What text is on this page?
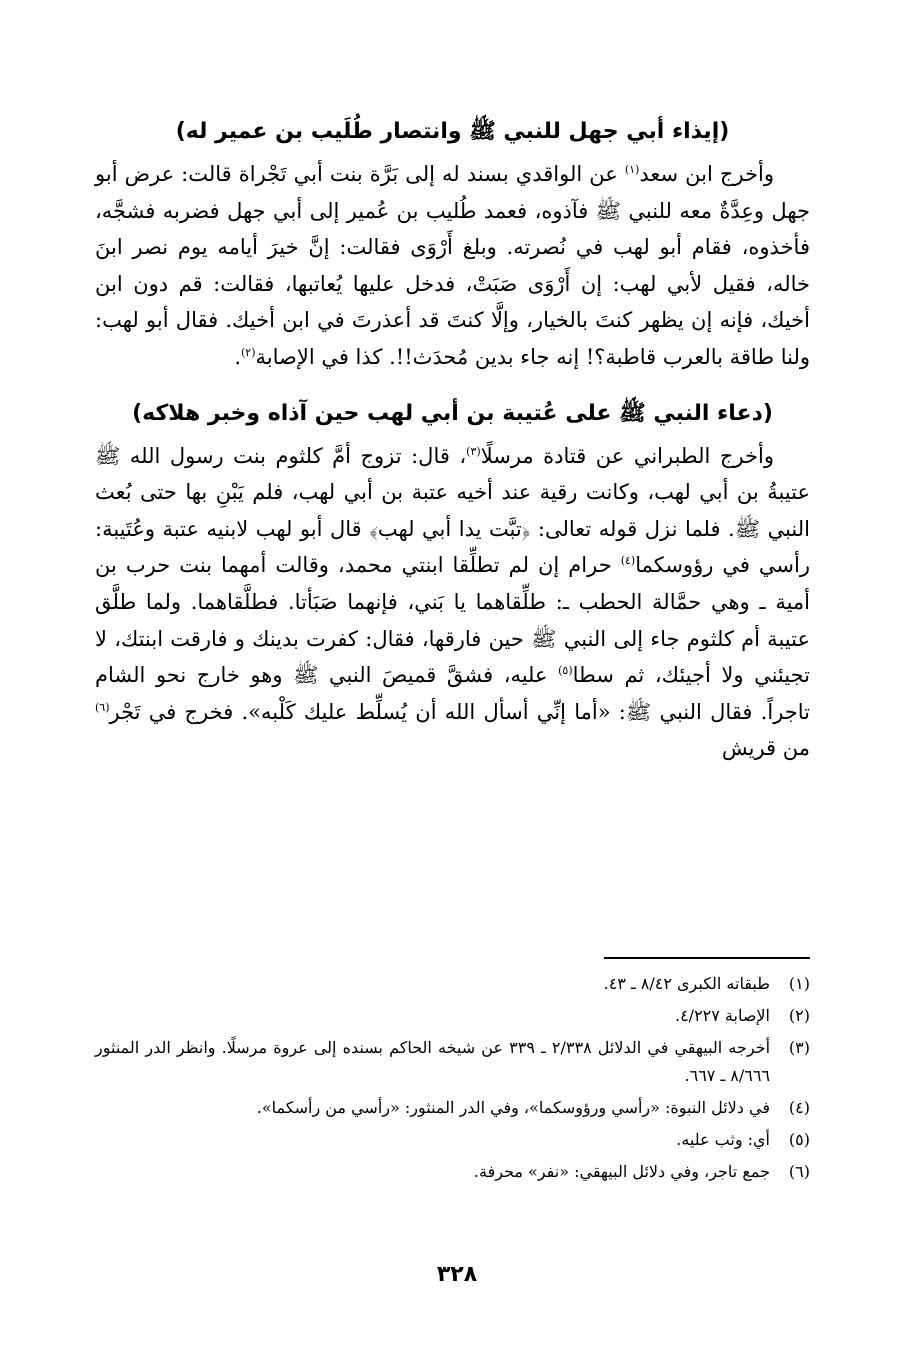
(إيذاء أبي جهل للنبي ﷺ وانتصار طُلَيب بن عمير له)

وأخرج ابن سعد$^{(١)}$ عن الواقدي بسند له إلى بَرَّة بنت أبي تَجْراة قالت: عرض أبو جهل وعِدَّةٌ معه للنبي ﷺ فآذوه، فعمد طُليب بن عُمير إلى أبي جهل فضربه فشجَّه، فأخذوه، فقام أبو لهب في نُصرته. وبلغ أَرْوَى فقالت: إنَّ خيرَ أيامه يوم نصر ابنَ خاله، فقيل لأبي لهب: إن أَرْوَى صَبَتْ، فدخل عليها يُعاتبها، فقالت: قم دون ابن أخيك، فإنه إن يظهر كنتَ بالخيار، وإلَّا كنتَ قد أعذرتَ في ابن أخيك. فقال أبو لهب: ولنا طاقة بالعرب قاطبة؟! إنه جاء بدين مُحدَث!!. كذا في الإصابة$^{(٢)}$.

(دعاء النبي ﷺ على عُتيبة بن أبي لهب حين آذاه وخبر هلاكه)

وأخرج الطبراني عن قتادة مرسلًا$^{(٣)}$، قال: تزوج أمَّ كلثوم بنت رسول الله ﷺ عتيبةُ بن أبي لهب، وكانت رقية عند أخيه عتبة بن أبي لهب، فلم يَبْنِ بها حتى بُعث النبي ﷺ. فلما نزل قوله تعالى: ﴿تبَّت يدا أبي لهب﴾ قال أبو لهب لابنيه عتبة وعُتَيبة: رأسي في رؤوسكما$^{(٤)}$ حرام إن لم تطلِّقا ابنتي محمد، وقالت أمهما بنت حرب بن أمية ـ وهي حمَّالة الحطب ـ: طلِّقاهما يا بَني، فإنهما صَبَأتا. فطلَّقاهما. ولما طلَّق عتيبة أم كلثوم جاء إلى النبي ﷺ حين فارقها، فقال: كفرت بدينك و فارقت ابنتك، لا تجيئني ولا أجيئك، ثم سطا$^{(٥)}$ عليه، فشقَّ قميصَ النبي ﷺ وهو خارج نحو الشام تاجراً. فقال النبي ﷺ: «أما إنِّي أسأل الله أن يُسلِّط عليك كَلْبه». فخرج في تَجْر$^{(٦)}$ من قريش

(١)
طبقاته الكبرى ٨/٤٢ ـ ٤٣.
(٢)
الإصابة ٤/٢٢٧.
(٣)
أخرجه البيهقي في الدلائل ٢/٣٣٨ ـ ٣٣٩ عن شيخه الحاكم بسنده إلى عروة مرسلًا. وانظر الدر المنثور ٨/٦٦٦ ـ ٦٦٧.
(٤)
في دلائل النبوة: «رأسي ورؤوسكما»، وفي الدر المنثور: «رأسي من رأسكما».
(٥)
أي: وثب عليه.
(٦)
جمع تاجر، وفي دلائل البيهقي: «نفر» محرفة.
٣٢٨
